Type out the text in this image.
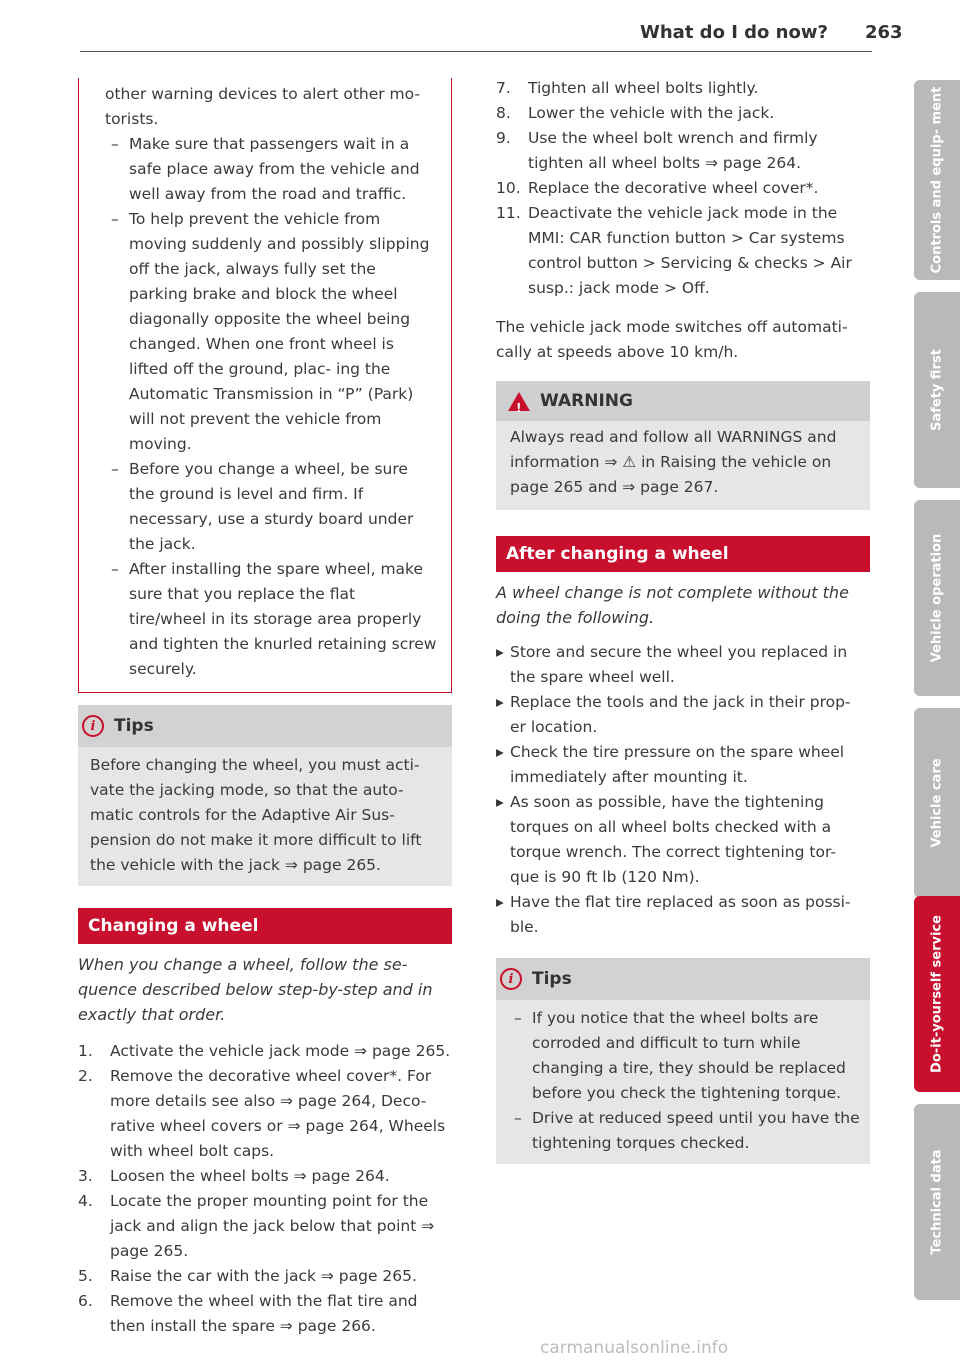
What do I do now? 263
Controls and equip- ment
Safety first
Vehicle operation
Vehicle care
Do-it-yourself service
Technical data

other warning devices to alert other mo- torists.

– Make sure that passengers wait in a safe place away from the vehicle and well away from the road and traffic.

– To help prevent the vehicle from moving suddenly and possibly slipping off the jack, always fully set the parking brake and block the wheel diagonally opposite the wheel being changed. When one front wheel is lifted off the ground, plac- ing the Automatic Transmission in “P” (Park) will not prevent the vehicle from moving.

– Before you change a wheel, be sure the ground is level and firm. If necessary, use a sturdy board under the jack.

– After installing the spare wheel, make sure that you replace the flat tire/wheel in its storage area properly and tighten the knurled retaining screw securely.

i	Tips
Before changing the wheel, you must acti- vate the jacking mode, so that the auto- matic controls for the Adaptive Air Sus- pension do not make it more difficult to lift the vehicle with the jack ⇒ page 265.
Changing a wheel

When you change a wheel, follow the se- quence described below step-by-step and in exactly that order.

1.	Activate the vehicle jack mode ⇒ page 265.
2.	Remove the decorative wheel cover*. For more details see also ⇒ page 264, Deco- rative wheel covers or ⇒ page 264, Wheels with wheel bolt caps.
3.	Loosen the wheel bolts ⇒ page 264.
4.	Locate the proper mounting point for the jack and align the jack below that point ⇒ page 265.
5.	Raise the car with the jack ⇒ page 265.
6.	Remove the wheel with the flat tire and then install the spare ⇒ page 266.
7.	Tighten all wheel bolts lightly.
8.	Lower the vehicle with the jack.
9.	Use the wheel bolt wrench and firmly tighten all wheel bolts ⇒ page 264.
10. Replace the decorative wheel cover*.
11. Deactivate the vehicle jack mode in the MMI: CAR function button > Car systems control button > Servicing & checks > Air susp.: jack mode > Off.

The vehicle jack mode switches off automati- cally at speeds above 10 km/h.

! WARNING
Always read and follow all WARNINGS and information ⇒ ⚠ in Raising the vehicle on page 265 and ⇒ page 267.
After changing a wheel

A wheel change is not complete without the doing the following.

▸ Store and secure the wheel you replaced in the spare wheel well.

▸ Replace the tools and the jack in their prop- er location.

▸ Check the tire pressure on the spare wheel immediately after mounting it.

▸ As soon as possible, have the tightening torques on all wheel bolts checked with a torque wrench. The correct tightening tor- que is 90 ft lb (120 Nm).

▸ Have the flat tire replaced as soon as possi- ble.

i	Tips

– If you notice that the wheel bolts are corroded and difficult to turn while changing a tire, they should be replaced before you check the tightening torque.

– Drive at reduced speed until you have the tightening torques checked.

carmanualsonline.info
